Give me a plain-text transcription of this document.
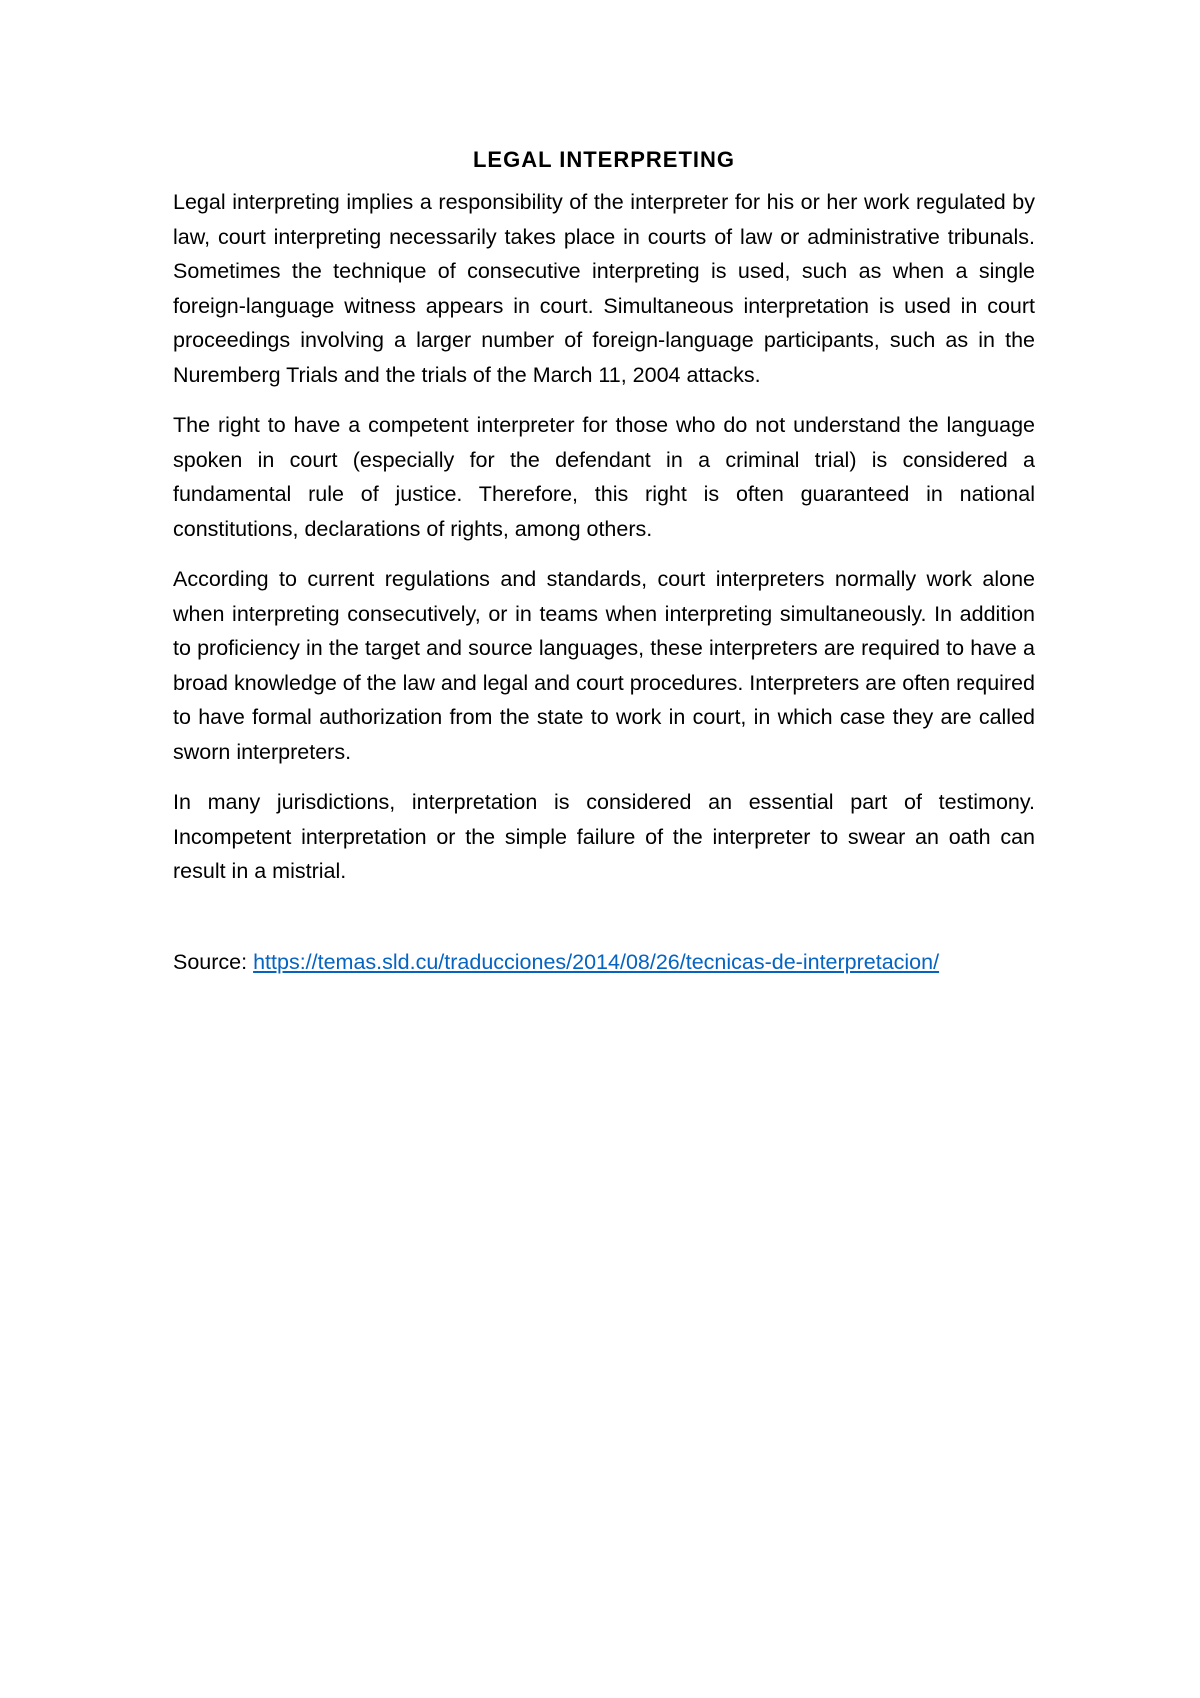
LEGAL INTERPRETING

Legal interpreting implies a responsibility of the interpreter for his or her work regulated by law, court interpreting necessarily takes place in courts of law or administrative tribunals. Sometimes the technique of consecutive interpreting is used, such as when a single foreign-language witness appears in court. Simultaneous interpretation is used in court proceedings involving a larger number of foreign-language participants, such as in the Nuremberg Trials and the trials of the March 11, 2004 attacks.

The right to have a competent interpreter for those who do not understand the language spoken in court (especially for the defendant in a criminal trial) is considered a fundamental rule of justice. Therefore, this right is often guaranteed in national constitutions, declarations of rights, among others.

According to current regulations and standards, court interpreters normally work alone when interpreting consecutively, or in teams when interpreting simultaneously. In addition to proficiency in the target and source languages, these interpreters are required to have a broad knowledge of the law and legal and court procedures. Interpreters are often required to have formal authorization from the state to work in court, in which case they are called sworn interpreters.

In many jurisdictions, interpretation is considered an essential part of testimony. Incompetent interpretation or the simple failure of the interpreter to swear an oath can result in a mistrial.

Source: https://temas.sld.cu/traducciones/2014/08/26/tecnicas-de-interpretacion/
